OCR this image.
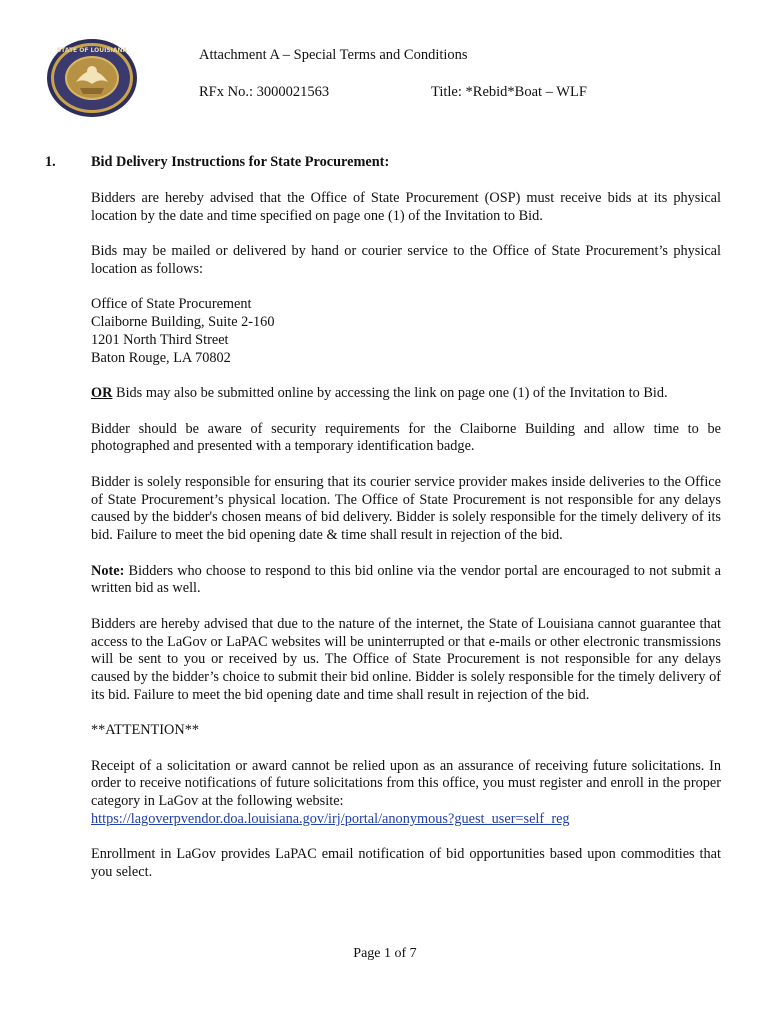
STATE OF LOUISIANA	Attachment A – Special Terms and Conditions
RFx No.: 3000021563	Title: *Rebid*Boat – WLF
1. Bid Delivery Instructions for State Procurement:

Bidders are hereby advised that the Office of State Procurement (OSP) must receive bids at its physical location by the date and time specified on page one (1) of the Invitation to Bid.

Bids may be mailed or delivered by hand or courier service to the Office of State Procurement’s physical location as follows:

Office of State Procurement
Claiborne Building, Suite 2-160
1201 North Third Street
Baton Rouge, LA 70802

OR Bids may also be submitted online by accessing the link on page one (1) of the Invitation to Bid.

Bidder should be aware of security requirements for the Claiborne Building and allow time to be photographed and presented with a temporary identification badge.

Bidder is solely responsible for ensuring that its courier service provider makes inside deliveries to the Office of State Procurement’s physical location. The Office of State Procurement is not responsible for any delays caused by the bidder's chosen means of bid delivery. Bidder is solely responsible for the timely delivery of its bid. Failure to meet the bid opening date & time shall result in rejection of the bid.

Note: Bidders who choose to respond to this bid online via the vendor portal are encouraged to not submit a written bid as well.

Bidders are hereby advised that due to the nature of the internet, the State of Louisiana cannot guarantee that access to the LaGov or LaPAC websites will be uninterrupted or that e-mails or other electronic transmissions will be sent to you or received by us. The Office of State Procurement is not responsible for any delays caused by the bidder’s choice to submit their bid online. Bidder is solely responsible for the timely delivery of its bid. Failure to meet the bid opening date and time shall result in rejection of the bid.

**ATTENTION**

Receipt of a solicitation or award cannot be relied upon as an assurance of receiving future solicitations. In order to receive notifications of future solicitations from this office, you must register and enroll in the proper category in LaGov at the following website:
https://lagoverpvendor.doa.louisiana.gov/irj/portal/anonymous?guest_user=self_reg

Enrollment in LaGov provides LaPAC email notification of bid opportunities based upon commodities that you select.

Page 1 of 7
